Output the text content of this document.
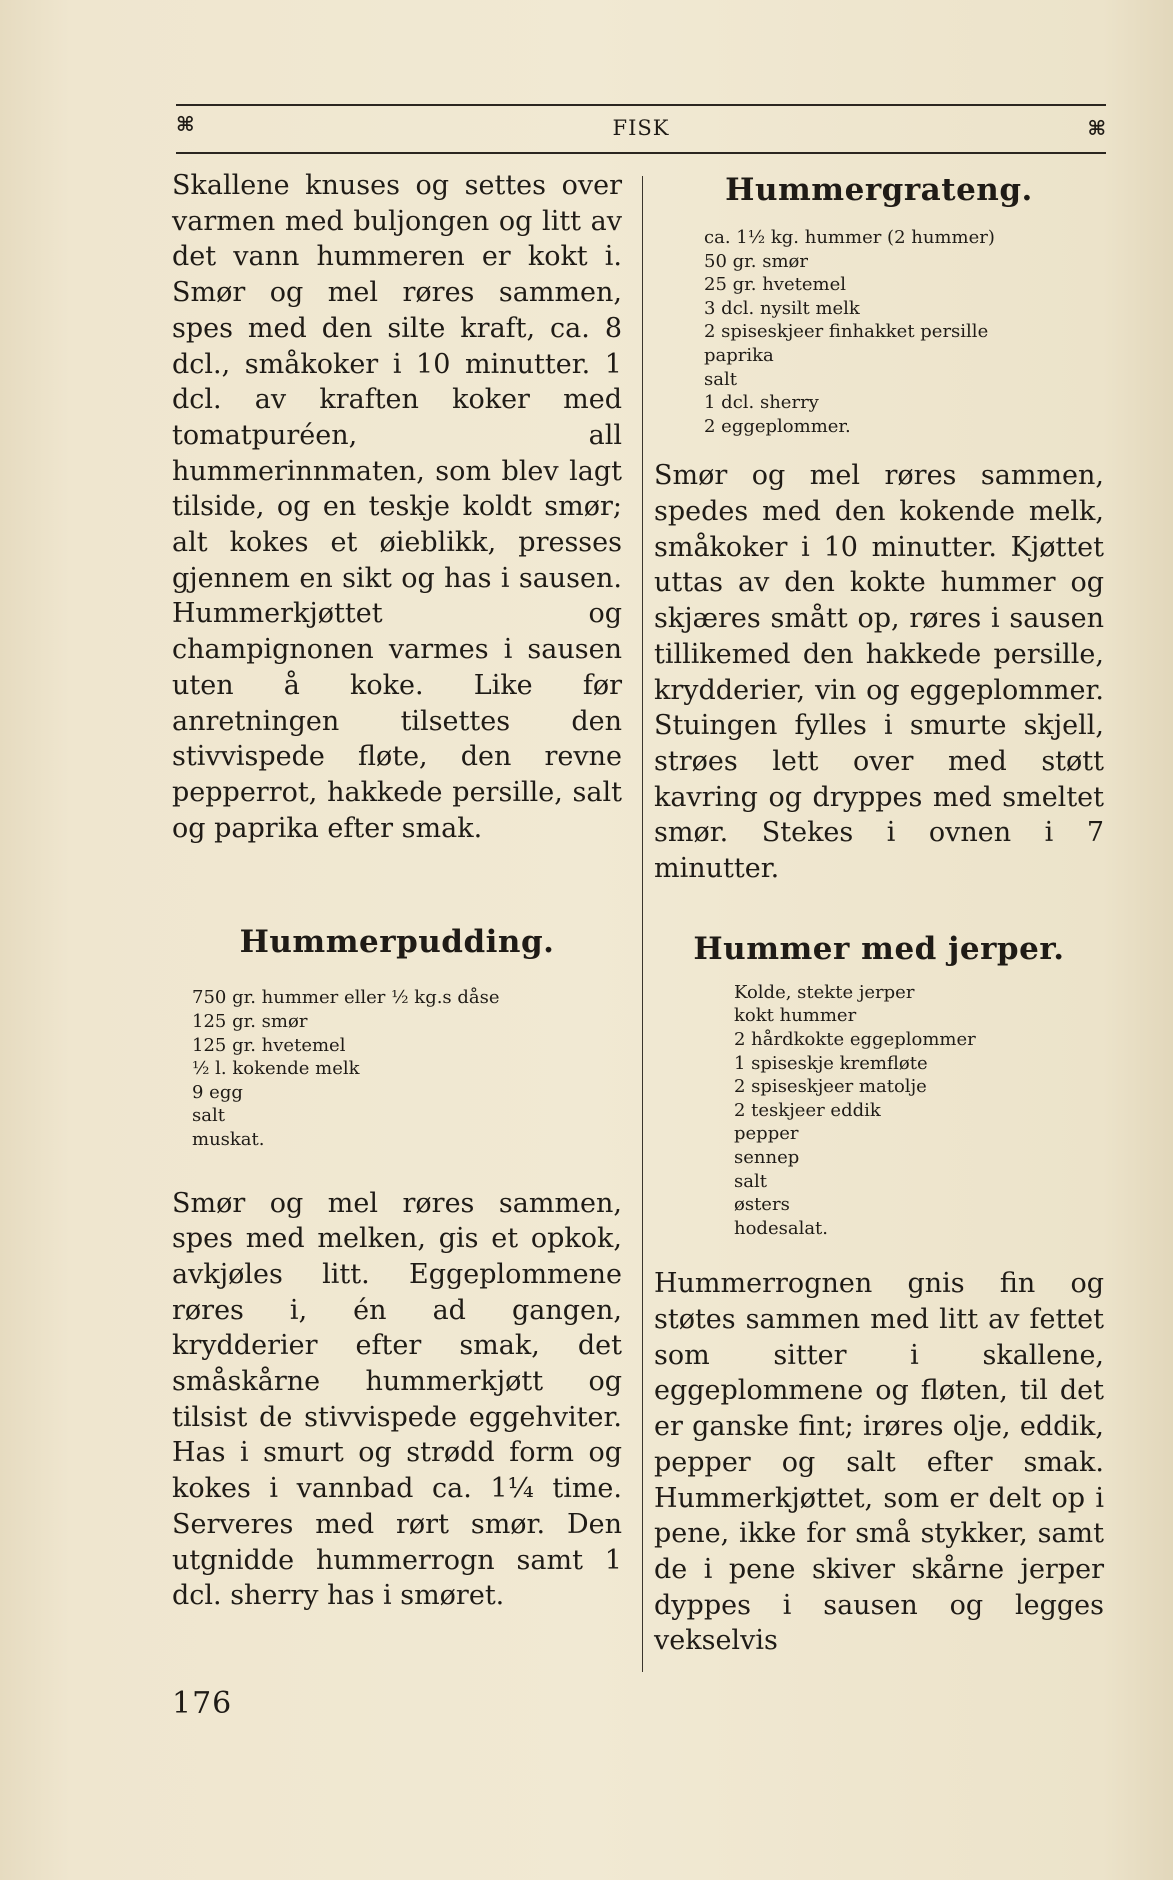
⌘	FISK	⌘

Skallene knuses og settes over varmen med buljongen og litt av det vann hummeren er kokt i. Smør og mel røres sammen, spes med den silte kraft, ca. 8 dcl., småkoker i 10 minutter. 1 dcl. av kraften koker med tomatpuréen, all hummerinnmaten, som blev lagt tilside, og en teskje koldt smør; alt kokes et øieblikk, presses gjennem en sikt og has i sausen. Hummerkjøttet og champignonen varmes i sausen uten å koke. Like før anretningen tilsettes den stivvispede fløte, den revne pepperrot, hakkede persille, salt og paprika efter smak.

Hummerpudding.
750 gr. hummer eller ½ kg.s dåse
125 gr. smør
125 gr. hvetemel
½ l. kokende melk
9 egg
salt
muskat.

Smør og mel røres sammen, spes med melken, gis et opkok, avkjøles litt. Eggeplommene røres i, én ad gangen, krydderier efter smak, det småskårne hummerkjøtt og tilsist de stivvispede eggehviter. Has i smurt og strødd form og kokes i vannbad ca. 1¼ time. Serveres med rørt smør. Den utgnidde hummerrogn samt 1 dcl. sherry has i smøret.

Hummergrateng.
ca. 1½ kg. hummer (2 hummer)
50 gr. smør
25 gr. hvetemel
3 dcl. nysilt melk
2 spiseskjeer finhakket persille
paprika
salt
1 dcl. sherry
2 eggeplommer.

Smør og mel røres sammen, spedes med den kokende melk, småkoker i 10 minutter. Kjøttet uttas av den kokte hummer og skjæres smått op, røres i sausen tillikemed den hakkede persille, krydderier, vin og eggeplommer. Stuingen fylles i smurte skjell, strøes lett over med støtt kavring og dryppes med smeltet smør. Stekes i ovnen i 7 minutter.

Hummer med jerper.
Kolde, stekte jerper
kokt hummer
2 hårdkokte eggeplommer
1 spiseskje kremfløte
2 spiseskjeer matolje
2 teskjeer eddik
pepper
sennep
salt
østers
hodesalat.

Hummerrognen gnis fin og støtes sammen med litt av fettet som sitter i skallene, eggeplommene og fløten, til det er ganske fint; irøres olje, eddik, pepper og salt efter smak. Hummerkjøttet, som er delt op i pene, ikke for små stykker, samt de i pene skiver skårne jerper dyppes i sausen og legges vekselvis

176
